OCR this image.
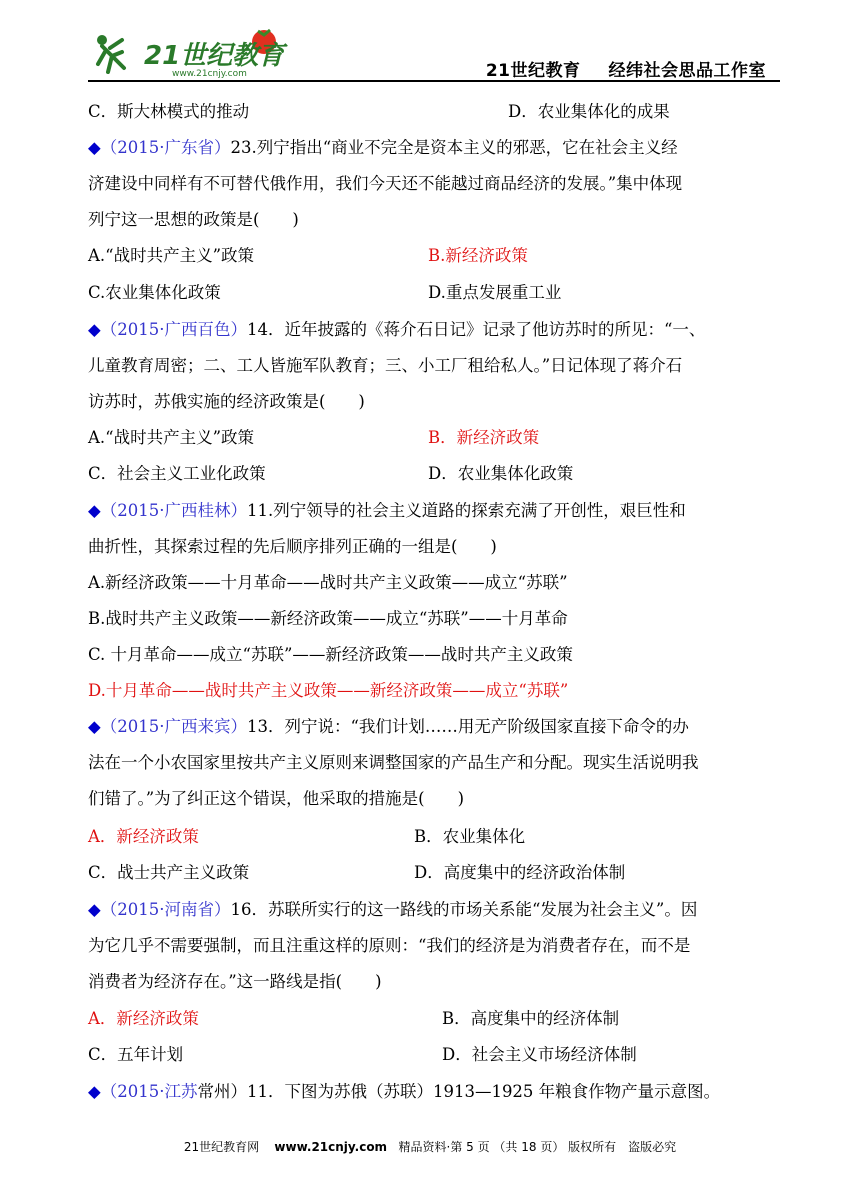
21世纪教育
www.21cnjy.com	21世纪教育 经纬社会思品工作室
C．斯大林模式的推动	D．农业集体化的成果
◆（2015·广东省）23.列宁指出“商业不完全是资本主义的邪恶，它在社会主义经
济建设中同样有不可替代俄作用，我们今天还不能越过商品经济的发展。”集中体现
列宁这一思想的政策是(　　)
A.“战时共产主义”政策	B.新经济政策
C.农业集体化政策	D.重点发展重工业
◆（2015·广西百色）14．近年披露的《蒋介石日记》记录了他访苏时的所见：“一、
儿童教育周密；二、工人皆施军队教育；三、小工厂租给私人。”日记体现了蒋介石
访苏时，苏俄实施的经济政策是(　　)
A.“战时共产主义”政策	B．新经济政策
C．社会主义工业化政策	D．农业集体化政策
◆（2015·广西桂林）11.列宁领导的社会主义道路的探索充满了开创性，艰巨性和
曲折性，其探索过程的先后顺序排列正确的一组是(　　)
A.新经济政策——十月革命——战时共产主义政策——成立“苏联”
B.战时共产主义政策——新经济政策——成立“苏联”——十月革命
C. 十月革命——成立“苏联”——新经济政策——战时共产主义政策
D.十月革命——战时共产主义政策——新经济政策——成立“苏联”
◆（2015·广西来宾）13．列宁说：“我们计划……用无产阶级国家直接下命令的办
法在一个小农国家里按共产主义原则来调整国家的产品生产和分配。现实生活说明我
们错了。”为了纠正这个错误，他采取的措施是(　　)
A．新经济政策	B．农业集体化
C．战士共产主义政策	D．高度集中的经济政治体制
◆（2015·河南省）16．苏联所实行的这一路线的市场关系能“发展为社会主义”。因
为它几乎不需要强制，而且注重这样的原则：“我们的经济是为消费者存在，而不是
消费者为经济存在。”这一路线是指(　　)
A．新经济政策	B．高度集中的经济体制
C．五年计划	D．社会主义市场经济体制
◆（2015·江苏常州）11．下图为苏俄（苏联）1913—1925 年粮食作物产量示意图。
21世纪教育网 www.21cnjy.com 精品资料·第 5 页 （共 18 页） 版权所有　盗版必究
